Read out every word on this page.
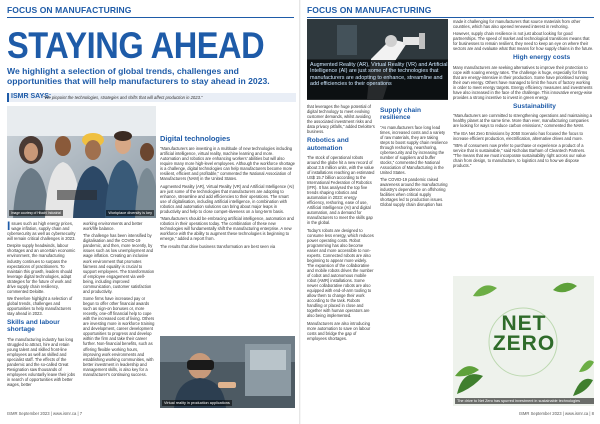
FOCUS ON MANUFACTURING
STAYING AHEAD
We highlight a selection of global trends, challenges and opportunities that will help manufacturers to stay ahead in 2023.
ISMR SAYS:
"We pinpoint the technologies, strategies and shifts that will affect production in 2023."
Image courtesy of Hitachi Industrial	Workplace diversity is key

Issues such as high energy prices, wage inflation, supply chain and cybersecurity as well as cybersecurity will remain critical challenges in 2023.

Despite supply headwinds, labour shortages and an uncertain economic environment, the manufacturing industry continues to surpass the expectations of practitioners. To maintain this growth, leaders should leverage digital technologies, adapt strategies for the future of work and drive supply chain resiliency, commented Deloitte.

We therefore highlight a selection of global trends, challenges and opportunities to help manufacturers stay ahead in 2023.

Skills and labour shortage

The manufacturing industry has long struggled to attract, hire and retain young talent and skilled front-line employees as well as skilled and specialist staff. The effects of the pandemic and the so-called Great Resignation saw thousands of employees voluntarily leave their jobs in search of opportunities with better wages, better

working environments and better work/life balance.

The challenge has been intensified by digitalisation and the COVID-19 pandemic, and then, more recently, by issues such as low unemployment and wage inflation. Creating an inclusive work environment that promotes fairness and equality is crucial to support employees. The transformation of employee engagement via well-being, including improved communication, customer satisfaction and productivity.

Some firms have increased pay or begun to offer other financial awards such as sign-on bonuses or, more recently, one-off financial help to cope with the increased cost of living. Others are investing more in workforce training and development, career development opportunities to progress and develop within the firm and take their career further. Non-financial benefits, such as offering flexible working hours, improving work environments and establishing working communities, with better investment in leadership and management skills, is also key for a manufacturer's continuing success.

Digital technologies

"Manufacturers are investing in a multitude of new technologies including artificial intelligence, virtual reality, machine learning and more. Automation and robotics are enhancing workers' abilities but will also require many more high-level employees. Although the workforce shortage is a challenge, digital technologies can help manufacturers become more resilient, efficient and profitable," commented the National Association of Manufacturers (NAM) in the United States.

Augmented Reality (AR), Virtual Reality (VR) and Artificial Intelligence (AI) are just some of the technologies that manufacturers are adopting to enhance, streamline and add efficiencies to their operations. The smart use of digitalisation, including artificial intelligence, in combination with robotics and automation solutions can bring about major leaps in productivity and help to close compet-itiveness on a long-term basis.

"Manufacturers should be embracing artificial intelligence, automation and robotics in their operations today. The combination of these new technologies will fundamentally shift the manufacturing enterprise. A new workforce with the ability to augment these technologies is beginning to emerge," added a report from.

The results that drive business transformation are best seen via

Virtual reality in production applications
ISMR September 2023 | www.ismr.ca | 7
FOCUS ON MANUFACTURING
Augmented Reality (AR), Virtual Reality (VR) and Artificial Intelligence (AI) are just some of the technologies that manufacturers are adopting to enhance, streamline and add efficiencies to their operations

that leverages the huge potential of digital technology to meet evolving customer demands, whilst avoiding the associated investment risks and data privacy pitfalls," added Deloitte's business.

Robotics and automation

The stock of operational robots around the globe hit a new record of about 3.5 million units, with the value of installations reaching an estimated US$ 15.7 billion according to the International Federation of Robotics (IFR). It has analysed the top five trends shaping robotics and automation in 2023: energy efficiency, reshoring, ease of use, Artificial Intelligence (AI) and digital automation, and a demand for manufacturers to meet the skills gap in the global.

Today's robots are designed to consume less energy, which reduces power operating costs. Robot programming has also become easier and more accessible to non-experts. Connected robots are also beginning to appear more widely. The expansion of the collaborative and mobile robots drives the number of cobot and autonomous mobile robot (AMR) installations. Some newer collaborative robots are also equipped with end-of-arm tooling to allow them to change their work according to the task. Robots handling or placed in close and together with human operators are also being implemented.

Manufacturers are also introducing more automation to save on labour costs and bridge the gap of employees shortages.

Supply chain resilience

"As manufacturers face long lead times, increased costs and a variety of raw materials, they are taking steps to boost supply chain resilience through reshoring, nearshoring, cybersecurity and by increasing the number of suppliers and buffer stocks," commented the National Association of Manufacturing in the United States.

The COVID-19 pandemic raised awareness around the manufacturing industry's dependence on offshoring facilities when critical supply shortages led to production issues. Global supply chain disruption has

made it challenging for manufacturers that source materials from other countries, which has also opened renewed interest in reshoring.

However, supply chain resilience is not just about looking for good partnerships. The speed of market and technological transitions means that for businesses to remain resilient, they need to keep an eye on where their sectors are and evaluate what that means for how supply chains in the future.

High energy costs

Many manufacturers are seeking alternatives to improve their protection to cope with soaring energy rates. The challenge is huge, especially for firms that are energy-intensive in their production. Some have prioritised running their own energy. Others have managed to limit the hours of factory working in order to meet energy targets. Energy efficiency measures and investments have also increased in the face of the challenge. This innovative energy-wise provides a strong incentive to invest in green energy.

Sustainability

"Manufacturers are committed to strengthening operations and maintaining a healthy planet at the same time. More than ever, manufacturing companies are looking for ways to reduce carbon emissions," commented the NAM.

The IEA Net Zero Emissions by 2050 Scenario has focused the focus to increase efficient production, electrification, alternative drives and more.

"85% of consumers now prefer to purchase or experience a product of a service that is sustainable," said Nicholas Barham of Cleantech Partners. "The means that we must incorporate sustainability right across our value chain from design, to manufacture, to logistics and to how we dispose products."

NET ZERO
The drive to Net Zero has spurred investment in sustainable technologies
ISMR September 2023 | www.ismr.ca | 8
